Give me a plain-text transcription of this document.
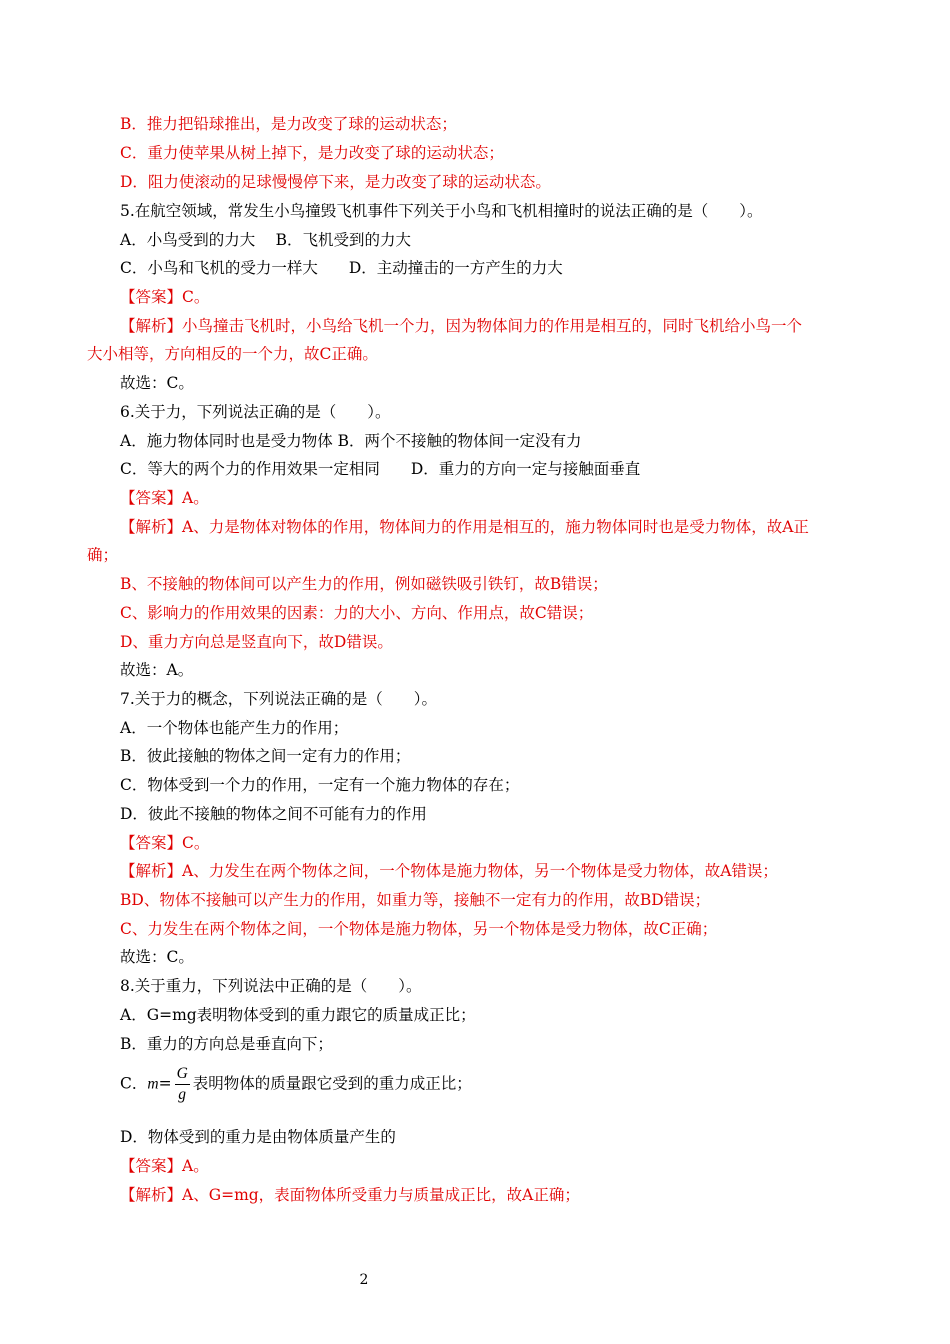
B．推力把铅球推出，是力改变了球的运动状态；
C．重力使苹果从树上掉下，是力改变了球的运动状态；
D．阻力使滚动的足球慢慢停下来，是力改变了球的运动状态。
5.在航空领域，常发生小鸟撞毁飞机事件下列关于小鸟和飞机相撞时的说法正确的是（　　）。
A．小鸟受到的力大　 B．飞机受到的力大
C．小鸟和飞机的受力一样大　　D．主动撞击的一方产生的力大
【答案】C。
【解析】小鸟撞击飞机时，小鸟给飞机一个力，因为物体间力的作用是相互的，同时飞机给小鸟一个
大小相等，方向相反的一个力，故C正确。
故选：C。
6.关于力，下列说法正确的是（　　）。
A．施力物体同时也是受力物体 B．两个不接触的物体间一定没有力
C．等大的两个力的作用效果一定相同　　D．重力的方向一定与接触面垂直
【答案】A。
【解析】A、力是物体对物体的作用，物体间力的作用是相互的，施力物体同时也是受力物体，故A正
确；
B、不接触的物体间可以产生力的作用，例如磁铁吸引铁钉，故B错误；
C、影响力的作用效果的因素：力的大小、方向、作用点，故C错误；
D、重力方向总是竖直向下，故D错误。
故选：A。
7.关于力的概念，下列说法正确的是（　　）。
A．一个物体也能产生力的作用；
B．彼此接触的物体之间一定有力的作用；
C．物体受到一个力的作用，一定有一个施力物体的存在；
D．彼此不接触的物体之间不可能有力的作用
【答案】C。
【解析】A、力发生在两个物体之间，一个物体是施力物体，另一个物体是受力物体，故A错误；
BD、物体不接触可以产生力的作用，如重力等，接触不一定有力的作用，故BD错误；
C、力发生在两个物体之间，一个物体是施力物体，另一个物体是受力物体，故C正确；
故选：C。
8.关于重力，下列说法中正确的是（　　）。
A．G=mg表明物体受到的重力跟它的质量成正比；
B．重力的方向总是垂直向下；
C．$m= \frac{G}{g}$ 表明物体的质量跟它受到的重力成正比；
D．物体受到的重力是由物体质量产生的
【答案】A。
【解析】A、G=mg，表面物体所受重力与质量成正比，故A正确；
2
